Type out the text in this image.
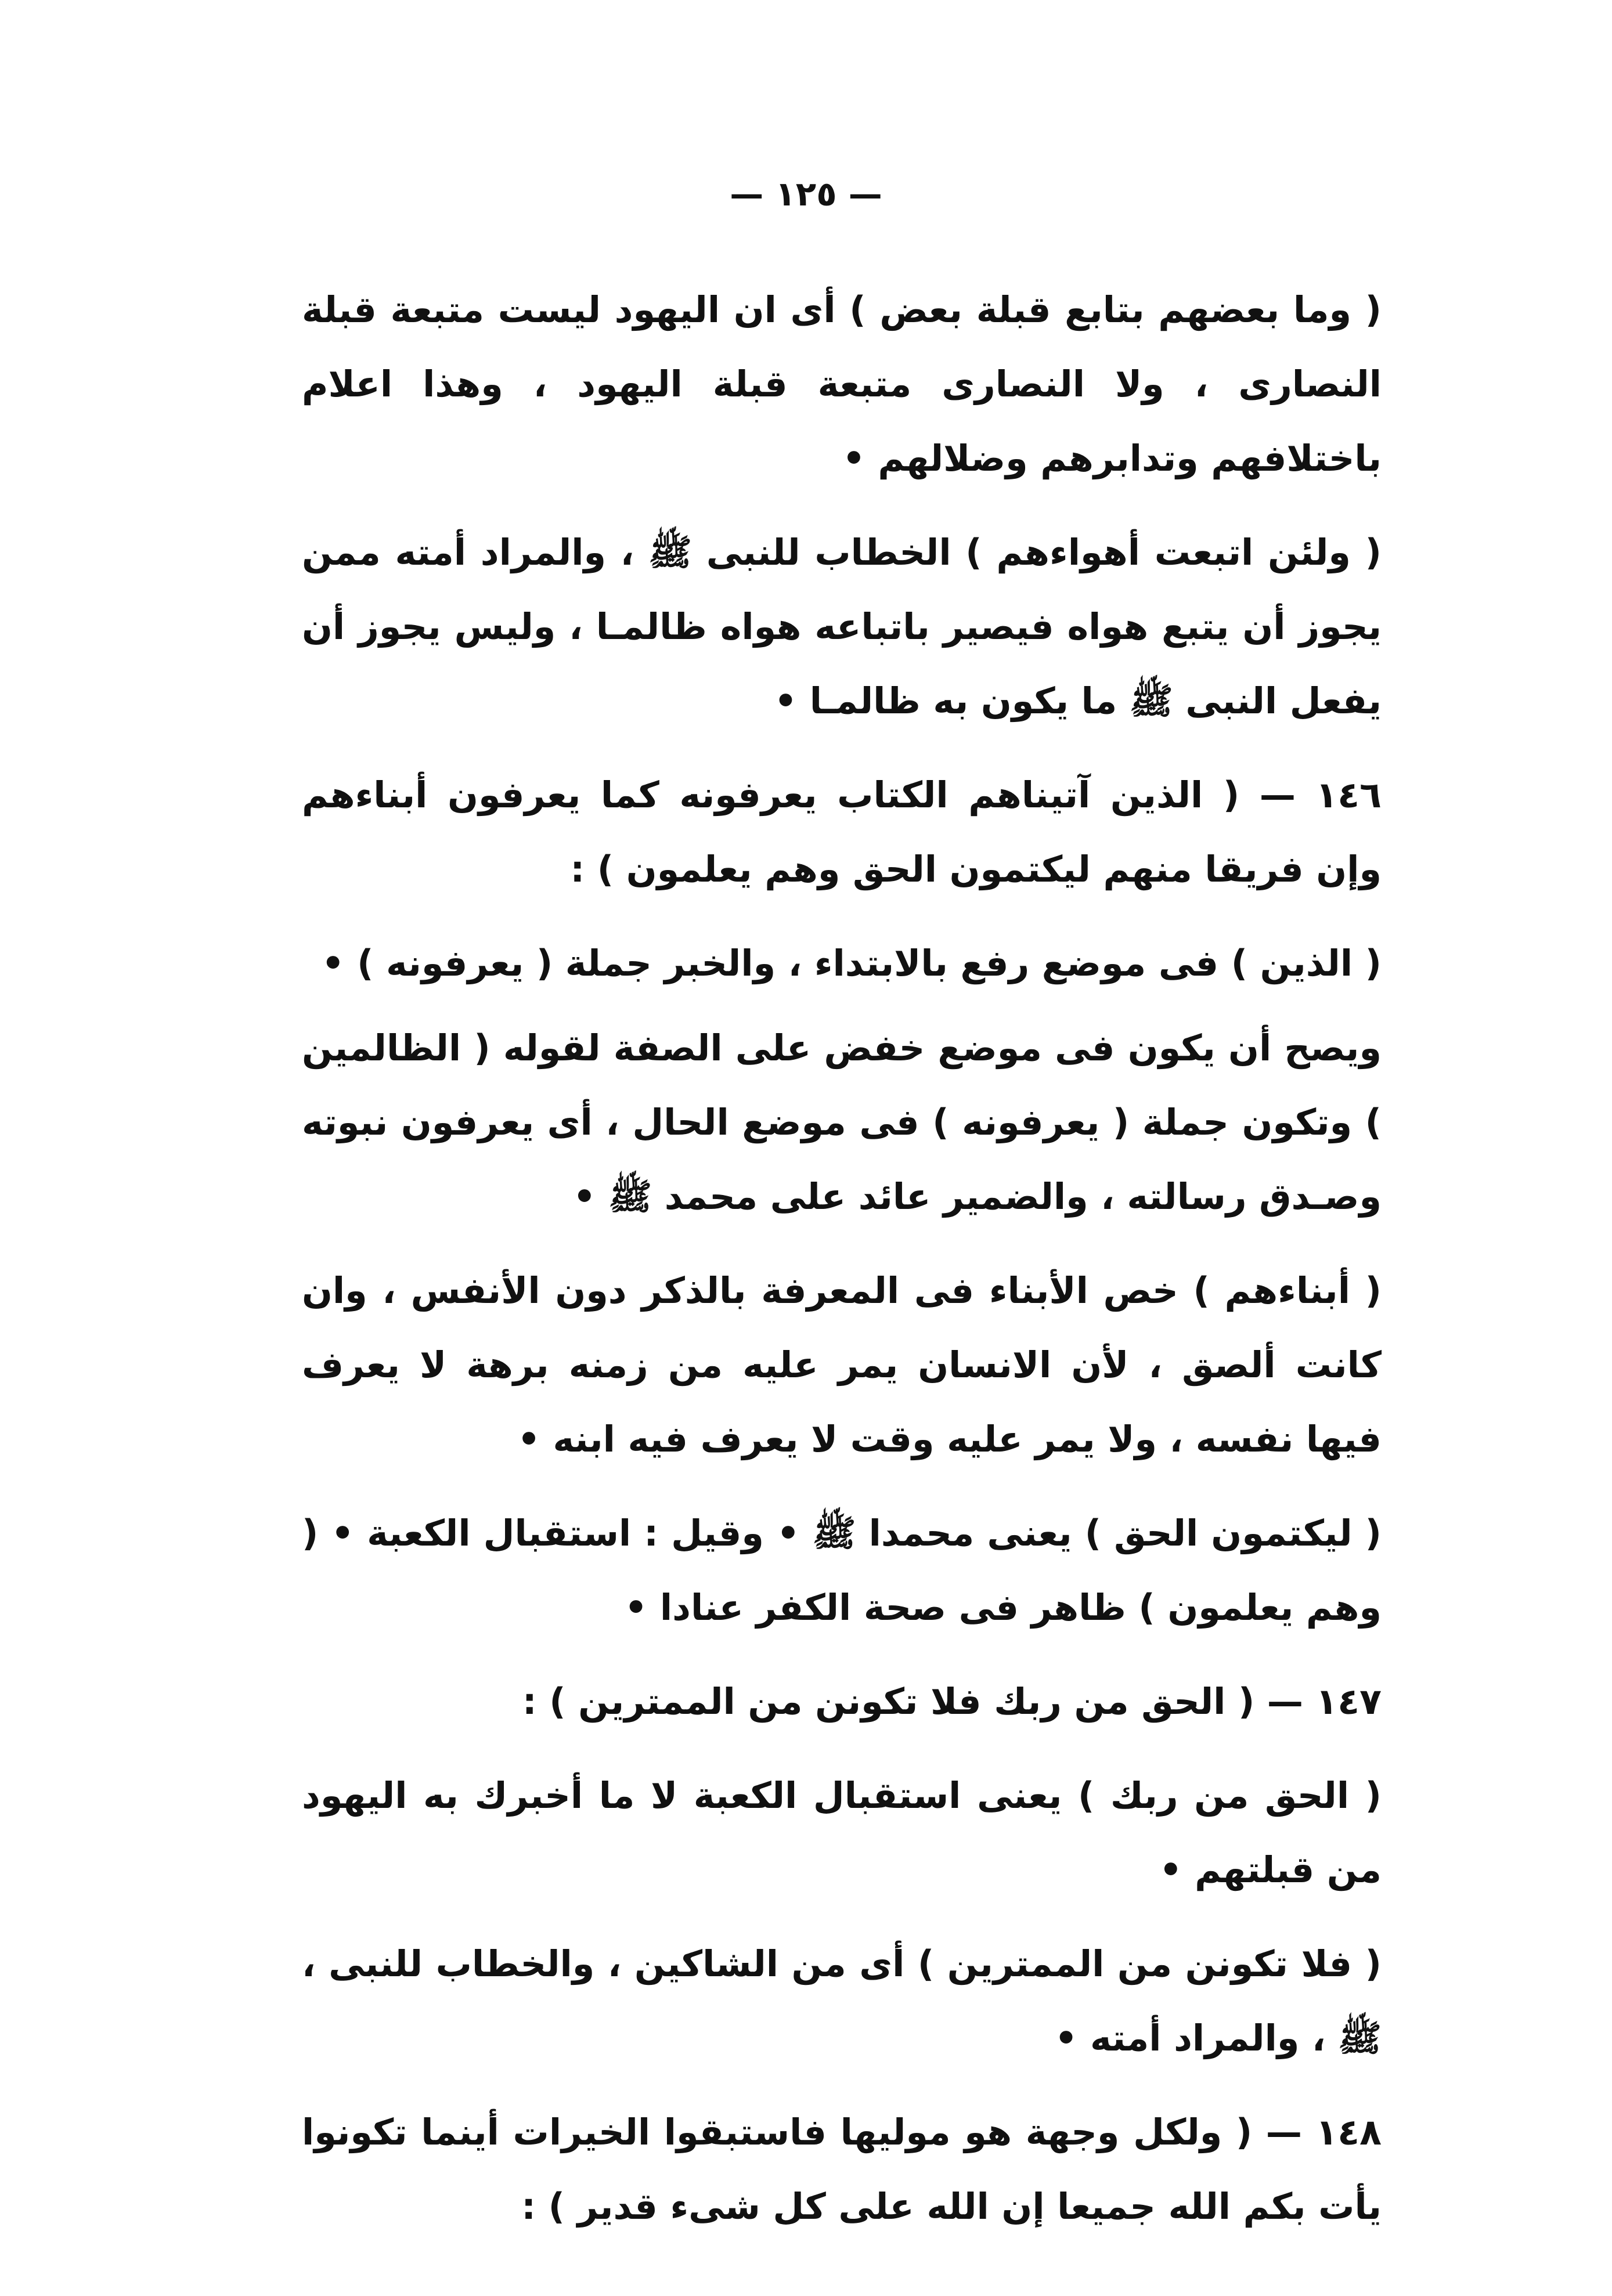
— ١٢٥ —

( وما بعضهم بتابع قبلة بعض ) أى ان اليهود ليست متبعة قبلة النصارى ، ولا النصارى متبعة قبلة اليهود ، وهذا اعلام باختلافهم وتدابرهم وضلالهم •

( ولئن اتبعت أهواءهم ) الخطاب للنبى ﷺ ، والمراد أمته ممن يجوز أن يتبع هواه فيصير باتباعه هواه ظالمـا ، وليس يجوز أن يفعل النبى ﷺ ما يكون به ظالمـا •

١٤٦ — ( الذين آتيناهم الكتاب يعرفونه كما يعرفون أبناءهم وإن فريقا منهم ليكتمون الحق وهم يعلمون ) :

( الذين ) فى موضع رفع بالابتداء ، والخبر جملة ( يعرفونه ) •

ويصح أن يكون فى موضع خفض على الصفة لقوله ( الظالمين ) وتكون جملة ( يعرفونه ) فى موضع الحال ، أى يعرفون نبوته وصـدق رسالته ، والضمير عائد على محمد ﷺ •

( أبناءهم ) خص الأبناء فى المعرفة بالذكر دون الأنفس ، وان كانت ألصق ، لأن الانسان يمر عليه من زمنه برهة لا يعرف فيها نفسه ، ولا يمر عليه وقت لا يعرف فيه ابنه •

( ليكتمون الحق ) يعنى محمدا ﷺ • وقيل : استقبال الكعبة • ( وهم يعلمون ) ظاهر فى صحة الكفر عنادا •

١٤٧ — ( الحق من ربك فلا تكونن من الممترين ) :

( الحق من ربك ) يعنى استقبال الكعبة لا ما أخبرك به اليهود من قبلتهم •

( فلا تكونن من الممترين ) أى من الشاكين ، والخطاب للنبى ، ﷺ ، والمراد أمته •

١٤٨ — ( ولكل وجهة هو موليها فاستبقوا الخيرات أينما تكونوا يأت بكم الله جميعا إن الله على كل شىء قدير ) :
